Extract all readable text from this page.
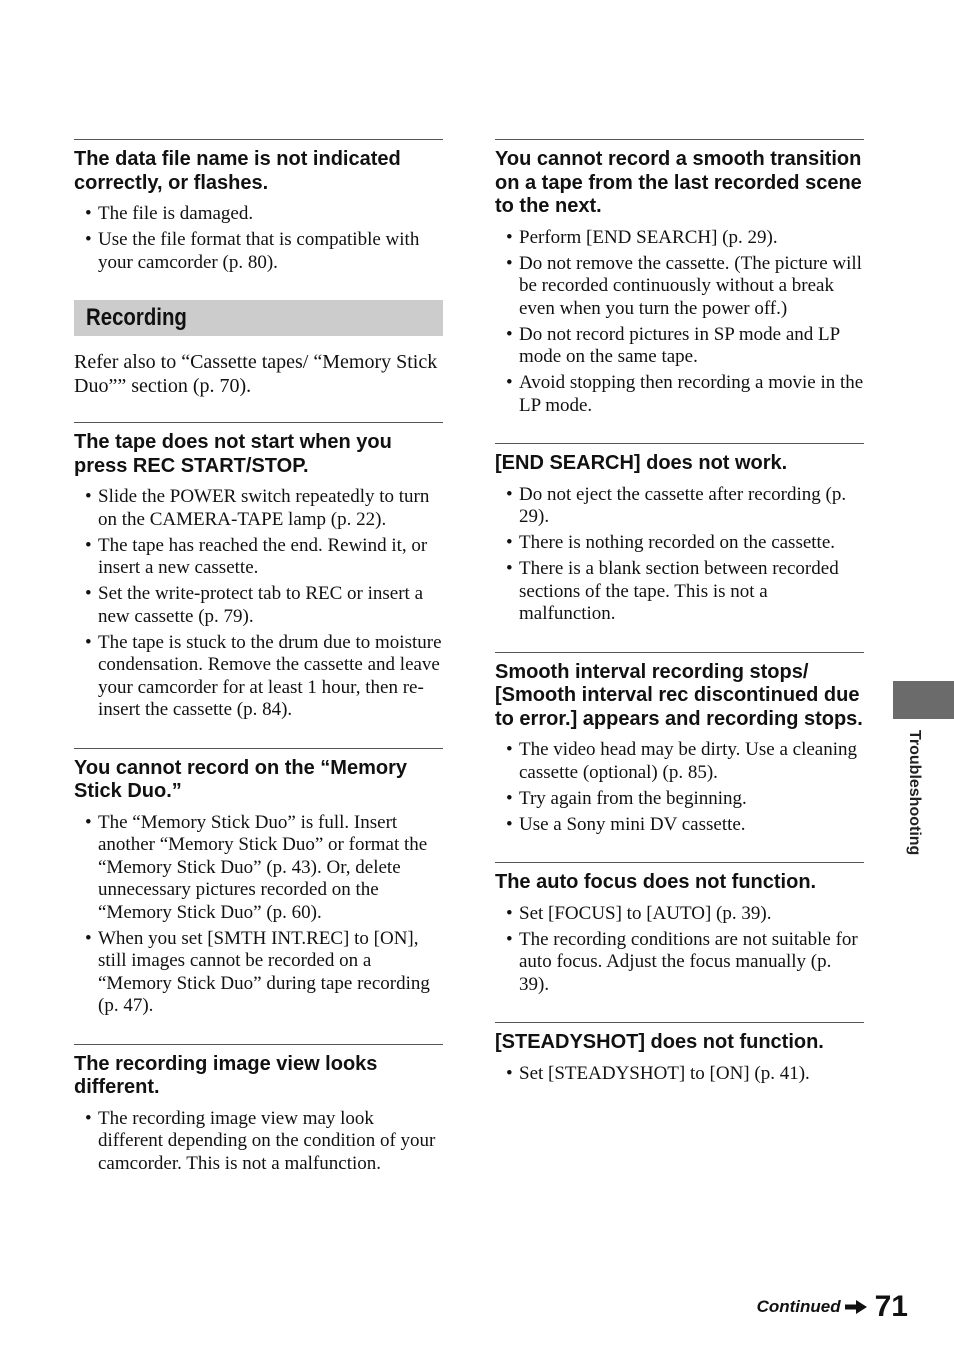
The data file name is not indicated correctly, or flashes.
• The file is damaged.
• Use the file format that is compatible with your camcorder (p. 80).
Recording

Refer also to “Cassette tapes/ “Memory Stick Duo”” section (p. 70).

The tape does not start when you press REC START/STOP.
• Slide the POWER switch repeatedly to turn on the CAMERA-TAPE lamp (p. 22).
• The tape has reached the end. Rewind it, or insert a new cassette.
• Set the write-protect tab to REC or insert a new cassette (p. 79).
• The tape is stuck to the drum due to moisture condensation. Remove the cassette and leave your camcorder for at least 1 hour, then re-insert the cassette (p. 84).
You cannot record on the “Memory Stick Duo.”
• The “Memory Stick Duo” is full. Insert another “Memory Stick Duo” or format the “Memory Stick Duo” (p. 43). Or, delete unnecessary pictures recorded on the “Memory Stick Duo” (p. 60).
• When you set [SMTH INT.REC] to [ON], still images cannot be recorded on a “Memory Stick Duo” during tape recording (p. 47).
The recording image view looks different.
• The recording image view may look different depending on the condition of your camcorder. This is not a malfunction.
You cannot record a smooth transition on a tape from the last recorded scene to the next.
• Perform [END SEARCH] (p. 29).
• Do not remove the cassette. (The picture will be recorded continuously without a break even when you turn the power off.)
• Do not record pictures in SP mode and LP mode on the same tape.
• Avoid stopping then recording a movie in the LP mode.
[END SEARCH] does not work.
• Do not eject the cassette after recording (p. 29).
• There is nothing recorded on the cassette.
• There is a blank section between recorded sections of the tape. This is not a malfunction.
Smooth interval recording stops/ [Smooth interval rec discontinued due to error.] appears and recording stops.
• The video head may be dirty. Use a cleaning cassette (optional) (p. 85).
• Try again from the beginning.
• Use a Sony mini DV cassette.
The auto focus does not function.
• Set [FOCUS] to [AUTO] (p. 39).
• The recording conditions are not suitable for auto focus. Adjust the focus manually (p. 39).
[STEADYSHOT] does not function.
• Set [STEADYSHOT] to [ON] (p. 41).
Troubleshooting
Continued 71
